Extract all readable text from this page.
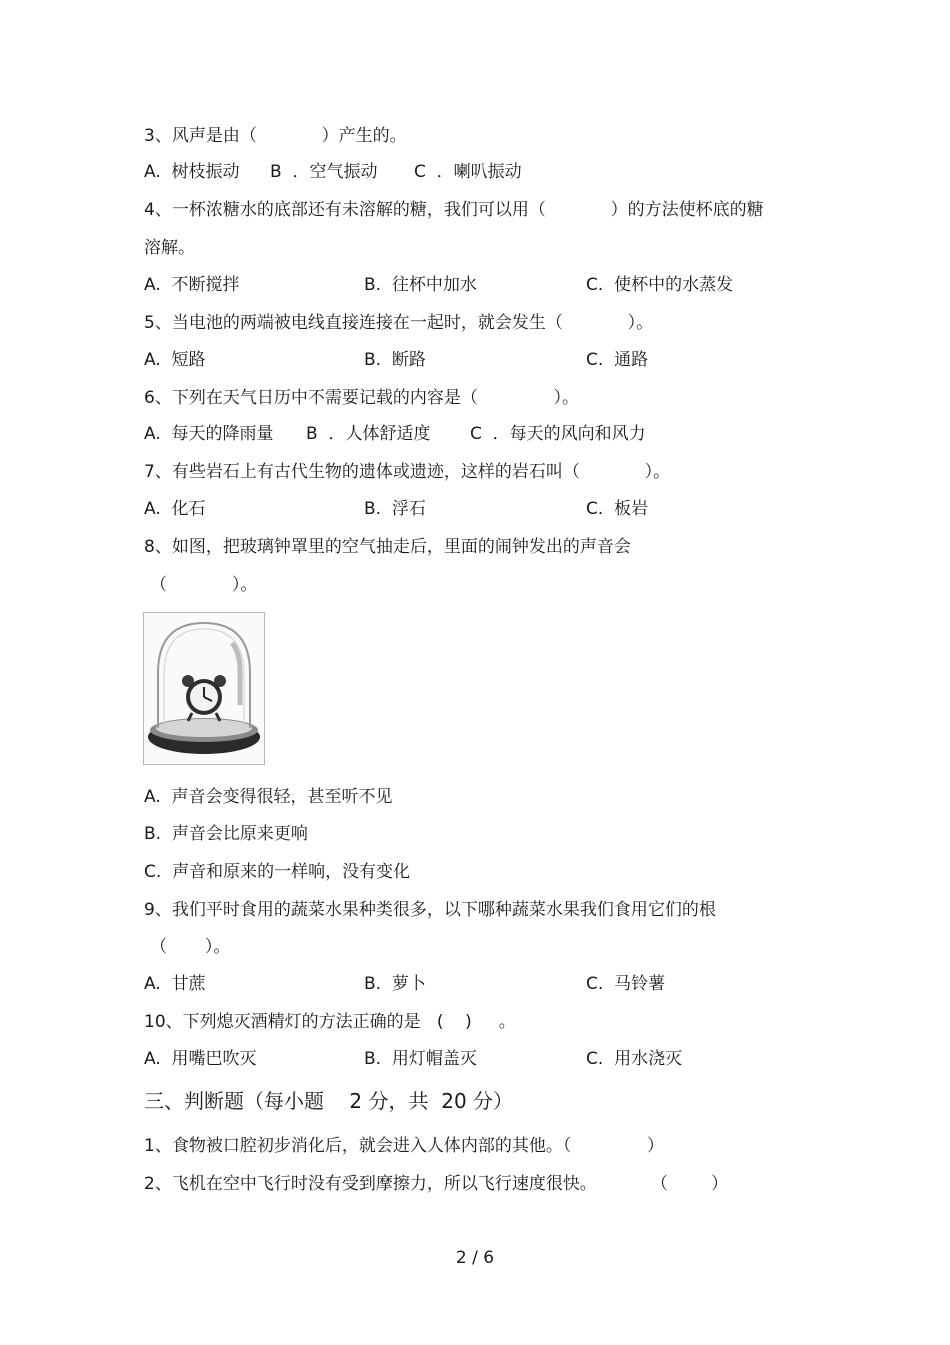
3、风声是由（            ）产生的。
A.  树枝振动 B  ．空气振动 C  ．喇叭振动
4、一杯浓糖水的底部还有未溶解的糖，我们可以用（            ）的方法使杯底的糖
溶解。
A.  不断搅拌	B.  往杯中加水	C.  使杯中的水蒸发
5、当电池的两端被电线直接连接在一起时，就会发生（            ）。
A.  短路	B.  断路	C.  通路
6、下列在天气日历中不需要记载的内容是（              ）。
A.  每天的降雨量 B  ．人体舒适度 C  ．每天的风向和风力
7、有些岩石上有古代生物的遗体或遗迹，这样的岩石叫（            ）。
A.  化石	B.  浮石	C.  板岩
8、如图，把玻璃钟罩里的空气抽走后，里面的闹钟发出的声音会
（            ）。
A.  声音会变得很轻，甚至听不见
B.  声音会比原来更响
C.  声音和原来的一样响，没有变化
9、我们平时食用的蔬菜水果种类很多，以下哪种蔬菜水果我们食用它们的根
（       ）。
A.  甘蔗	B.  萝卜	C.  马铃薯
10、下列熄灭酒精灯的方法正确的是   (    )     。
A.  用嘴巴吹灭	B.  用灯帽盖灭	C.  用水浇灭
三、判断题（每小题    2 分，共  20 分）
1、食物被口腔初步消化后，就会进入人体内部的其他。（              ）
2、飞机在空中飞行时没有受到摩擦力，所以飞行速度很快。          （        ）
2 / 6
